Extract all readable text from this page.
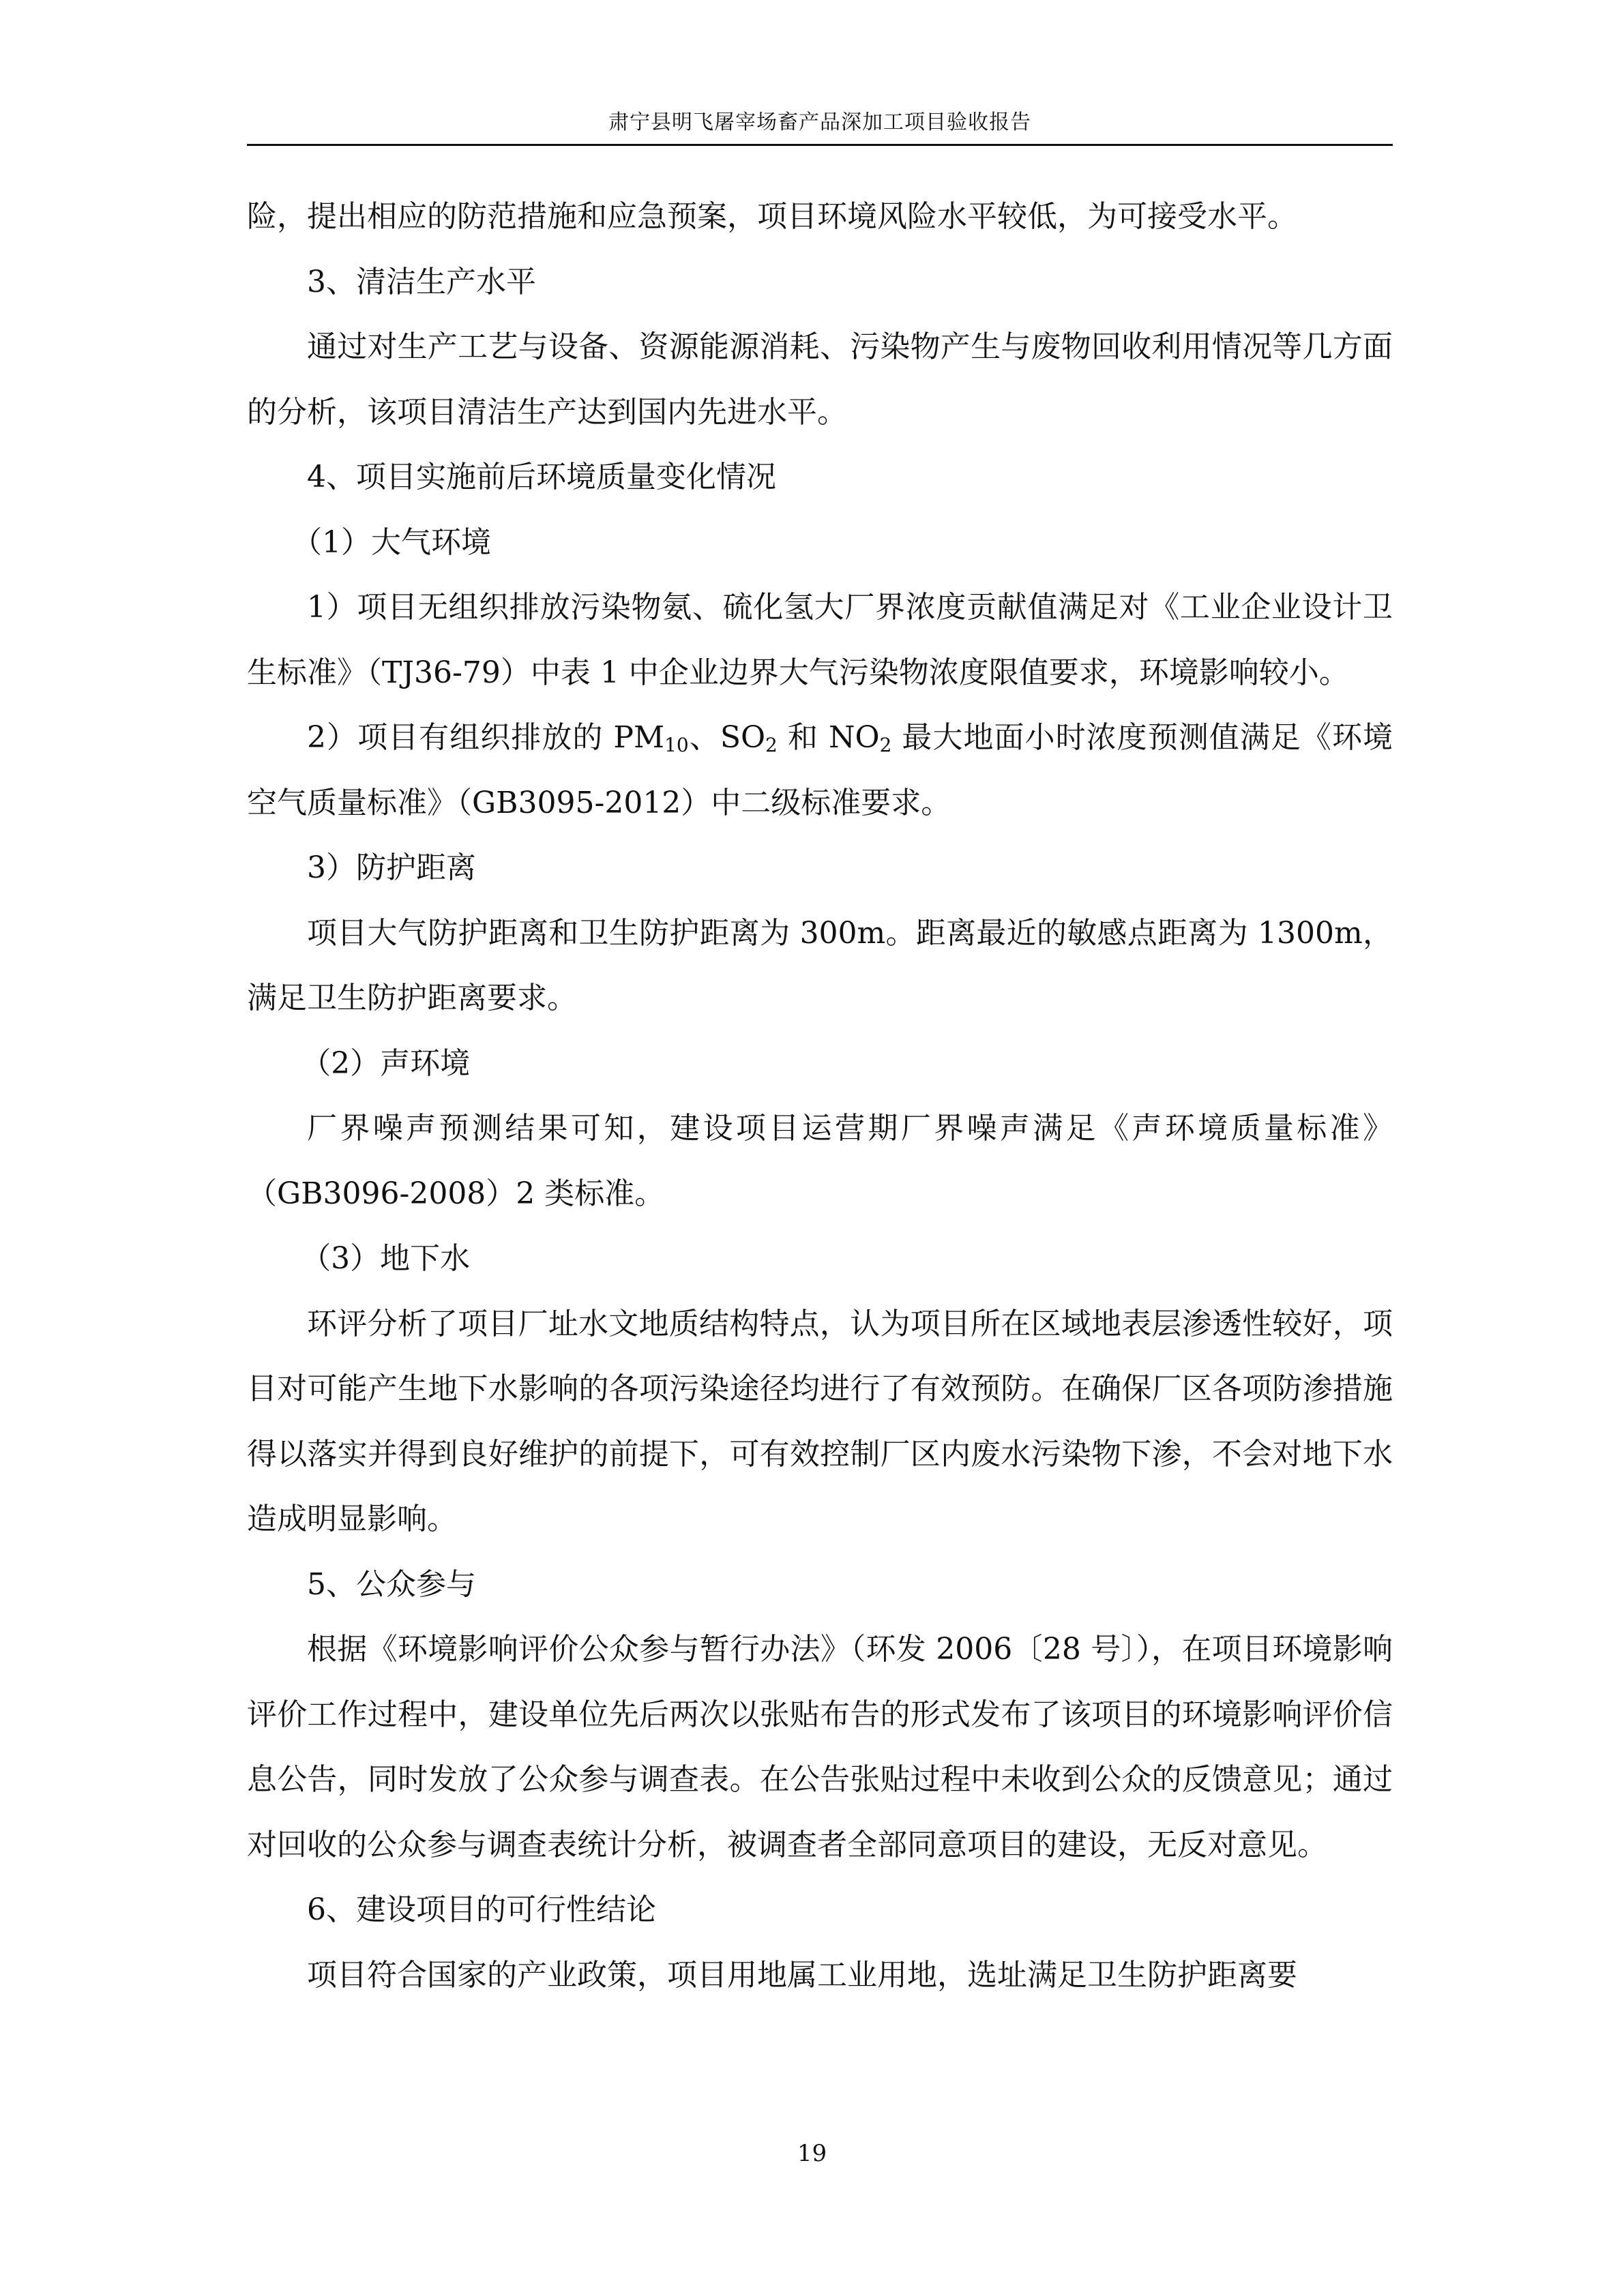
肃宁县明飞屠宰场畜产品深加工项目验收报告

险，提出相应的防范措施和应急预案，项目环境风险水平较低，为可接受水平。

3、清洁生产水平

通过对生产工艺与设备、资源能源消耗、污染物产生与废物回收利用情况等几方面的分析，该项目清洁生产达到国内先进水平。

4、项目实施前后环境质量变化情况

（1）大气环境

1）项目无组织排放污染物氨、硫化氢大厂界浓度贡献值满足对《工业企业设计卫生标准》（TJ36-79）中表 1 中企业边界大气污染物浓度限值要求，环境影响较小。

2）项目有组织排放的 $PM_{10}$、$SO_2$ 和 $NO_2$ 最大地面小时浓度预测值满足《环境空气质量标准》（GB3095-2012）中二级标准要求。

3）防护距离

项目大气防护距离和卫生防护距离为 300m。距离最近的敏感点距离为 1300m，满足卫生防护距离要求。

（2）声环境

厂界噪声预测结果可知，建设项目运营期厂界噪声满足《声环境质量标准》（GB3096-2008）2 类标准。

（3）地下水

环评分析了项目厂址水文地质结构特点，认为项目所在区域地表层渗透性较好，项目对可能产生地下水影响的各项污染途径均进行了有效预防。在确保厂区各项防渗措施得以落实并得到良好维护的前提下，可有效控制厂区内废水污染物下渗，不会对地下水造成明显影响。

5、公众参与

根据《环境影响评价公众参与暂行办法》（环发 2006〔28 号〕），在项目环境影响评价工作过程中，建设单位先后两次以张贴布告的形式发布了该项目的环境影响评价信息公告，同时发放了公众参与调查表。在公告张贴过程中未收到公众的反馈意见；通过对回收的公众参与调查表统计分析，被调查者全部同意项目的建设，无反对意见。

6、建设项目的可行性结论

项目符合国家的产业政策，项目用地属工业用地，选址满足卫生防护距离要

19
